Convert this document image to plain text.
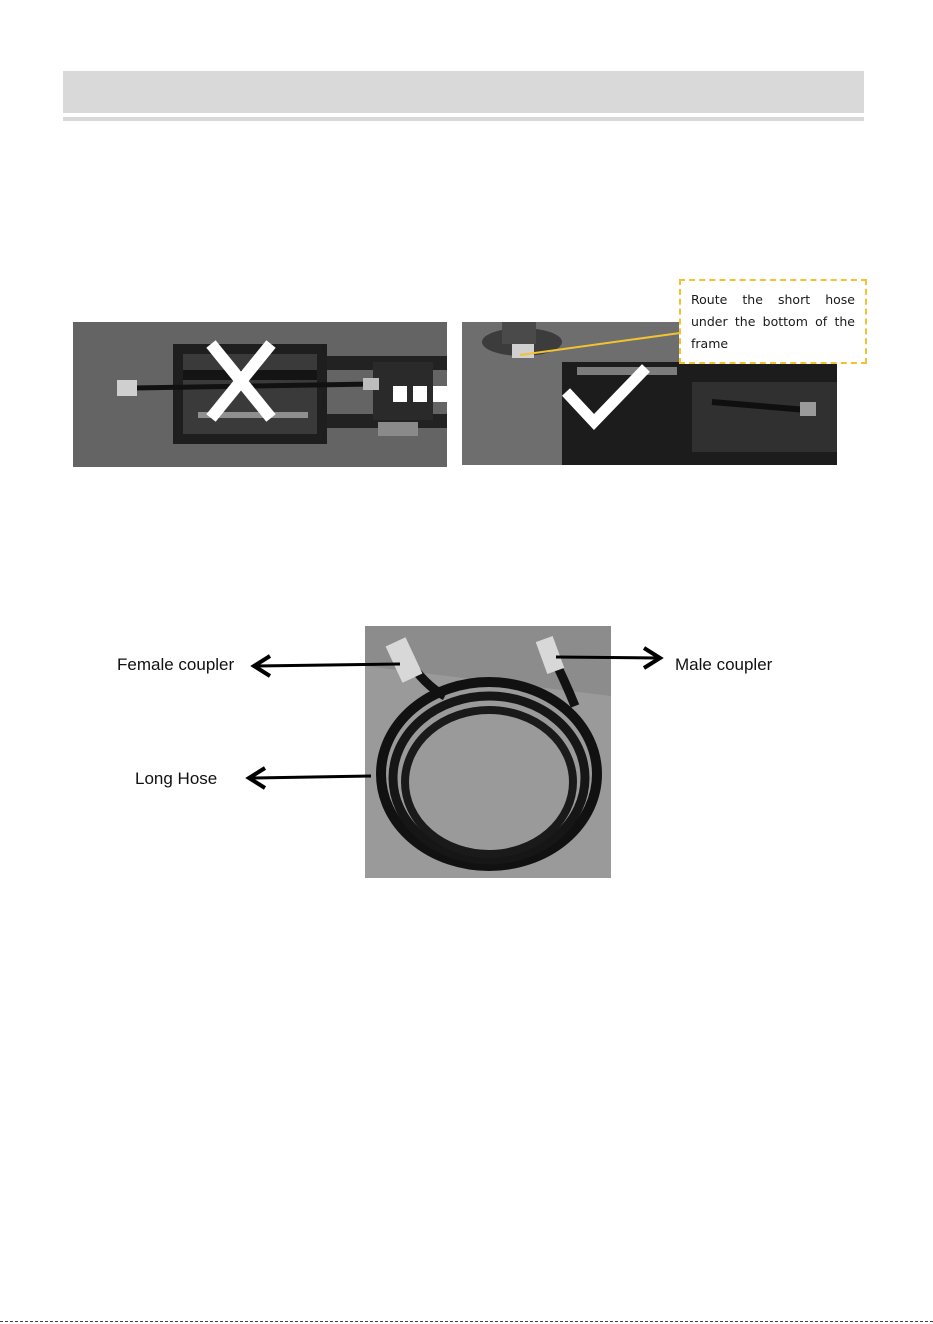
Route the short hose under the bottom of the frame
Female coupler	Male coupler
Long Hose
